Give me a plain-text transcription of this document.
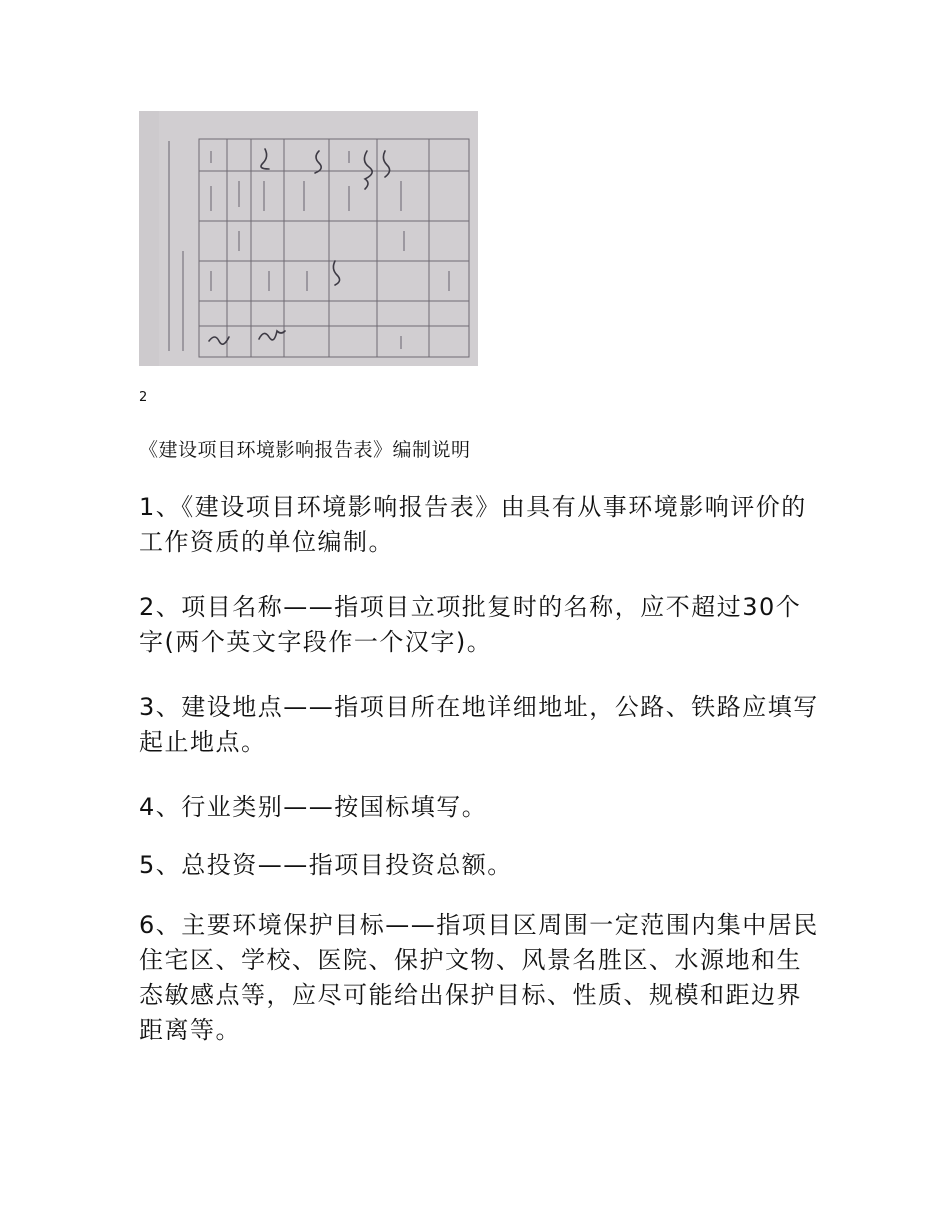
2
《建设项目环境影响报告表》编制说明

1、《建设项目环境影响报告表》由具有从事环境影响评价的工作资质的单位编制。

2、项目名称——指项目立项批复时的名称，应不超过30个字(两个英文字段作一个汉字)。

3、建设地点——指项目所在地详细地址，公路、铁路应填写起止地点。

4、行业类别——按国标填写。

5、总投资——指项目投资总额。

6、主要环境保护目标——指项目区周围一定范围内集中居民住宅区、学校、医院、保护文物、风景名胜区、水源地和生态敏感点等，应尽可能给出保护目标、性质、规模和距边界距离等。
